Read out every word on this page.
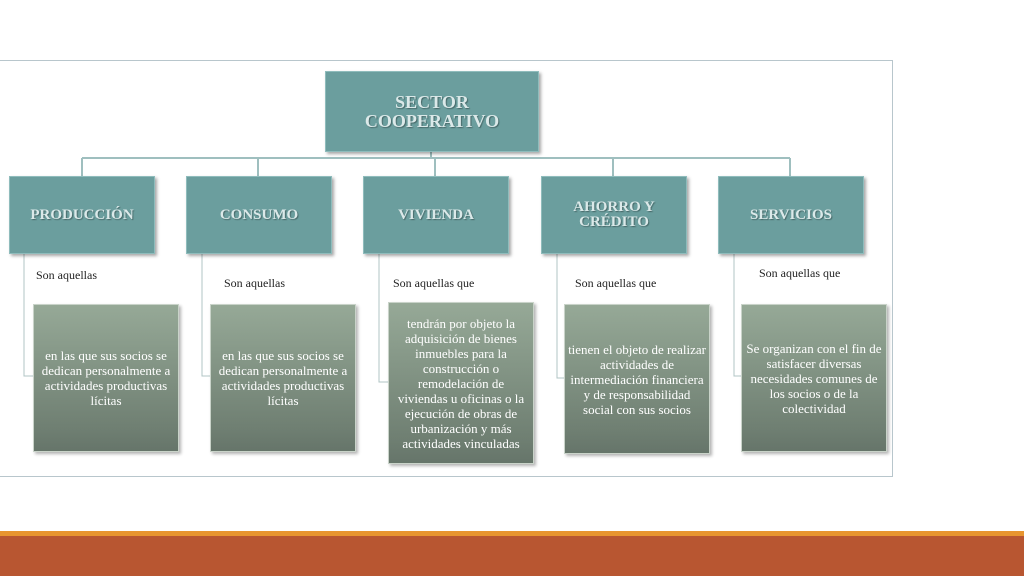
SECTOR COOPERATIVO
PRODUCCIÓN	CONSUMO	VIVIENDA	AHORRO Y CRÉDITO	SERVICIOS
Son aquellas
Son aquellas	Son aquellas que	Son aquellas que
Son aquellas que
en las que sus socios se dedican personalmente a actividades productivas lícitas
en las que sus socios se dedican personalmente a actividades productivas lícitas
tendrán por objeto la adquisición de bienes inmuebles para la construcción o remodelación de viviendas u oficinas o la ejecución de obras de urbanización y más actividades vinculadas
tienen el objeto de realizar actividades de intermediación financiera y de responsabilidad social con sus socios
Se organizan con el fin de satisfacer diversas necesidades comunes de los socios o de la colectividad
